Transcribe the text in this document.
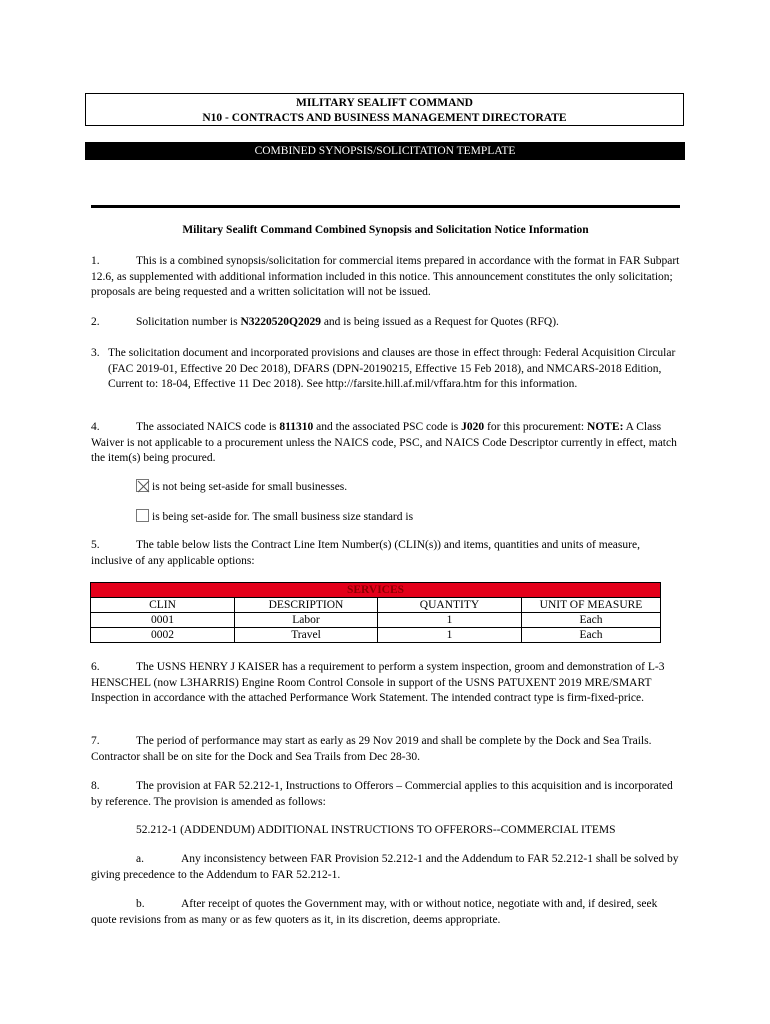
MILITARY SEALIFT COMMAND
N10 - CONTRACTS AND BUSINESS MANAGEMENT DIRECTORATE
COMBINED SYNOPSIS/SOLICITATION TEMPLATE
Military Sealift Command Combined Synopsis and Solicitation Notice Information
1.	This is a combined synopsis/solicitation for commercial items prepared in accordance with the format in FAR Subpart 12.6, as supplemented with additional information included in this notice. This announcement constitutes the only solicitation; proposals are being requested and a written solicitation will not be issued.
2.	Solicitation number is N3220520Q2029 and is being issued as a Request for Quotes (RFQ).
3. The solicitation document and incorporated provisions and clauses are those in effect through: Federal Acquisition Circular (FAC 2019-01, Effective 20 Dec 2018), DFARS (DPN-20190215, Effective 15 Feb 2018), and NMCARS-2018 Edition, Current to: 18-04, Effective 11 Dec 2018). See http://farsite.hill.af.mil/vffara.htm for this information.
4.	The associated NAICS code is 811310 and the associated PSC code is J020 for this procurement: NOTE: A Class Waiver is not applicable to a procurement unless the NAICS code, PSC, and NAICS Code Descriptor currently in effect, match the item(s) being procured.
is not being set-aside for small businesses.
is being set-aside for. The small business size standard is
5.	The table below lists the Contract Line Item Number(s) (CLIN(s)) and items, quantities and units of measure, inclusive of any applicable options:
SERVICES			
CLIN	DESCRIPTION	QUANTITY	UNIT OF MEASURE
0001	Labor	1	Each
0002	Travel	1	Each
6.	The USNS HENRY J KAISER has a requirement to perform a system inspection, groom and demonstration of L-3 HENSCHEL (now L3HARRIS) Engine Room Control Console in support of the USNS PATUXENT 2019 MRE/SMART Inspection in accordance with the attached Performance Work Statement. The intended contract type is firm-fixed-price.
7.	The period of performance may start as early as 29 Nov 2019 and shall be complete by the Dock and Sea Trails. Contractor shall be on site for the Dock and Sea Trails from Dec 28-30.
8.	The provision at FAR 52.212-1, Instructions to Offerors – Commercial applies to this acquisition and is incorporated by reference. The provision is amended as follows:
52.212-1 (ADDENDUM) ADDITIONAL INSTRUCTIONS TO OFFERORS--COMMERCIAL ITEMS
a.	Any inconsistency between FAR Provision 52.212-1 and the Addendum to FAR 52.212-1 shall be solved by giving precedence to the Addendum to FAR 52.212-1.
b.	After receipt of quotes the Government may, with or without notice, negotiate with and, if desired, seek quote revisions from as many or as few quoters as it, in its discretion, deems appropriate.
